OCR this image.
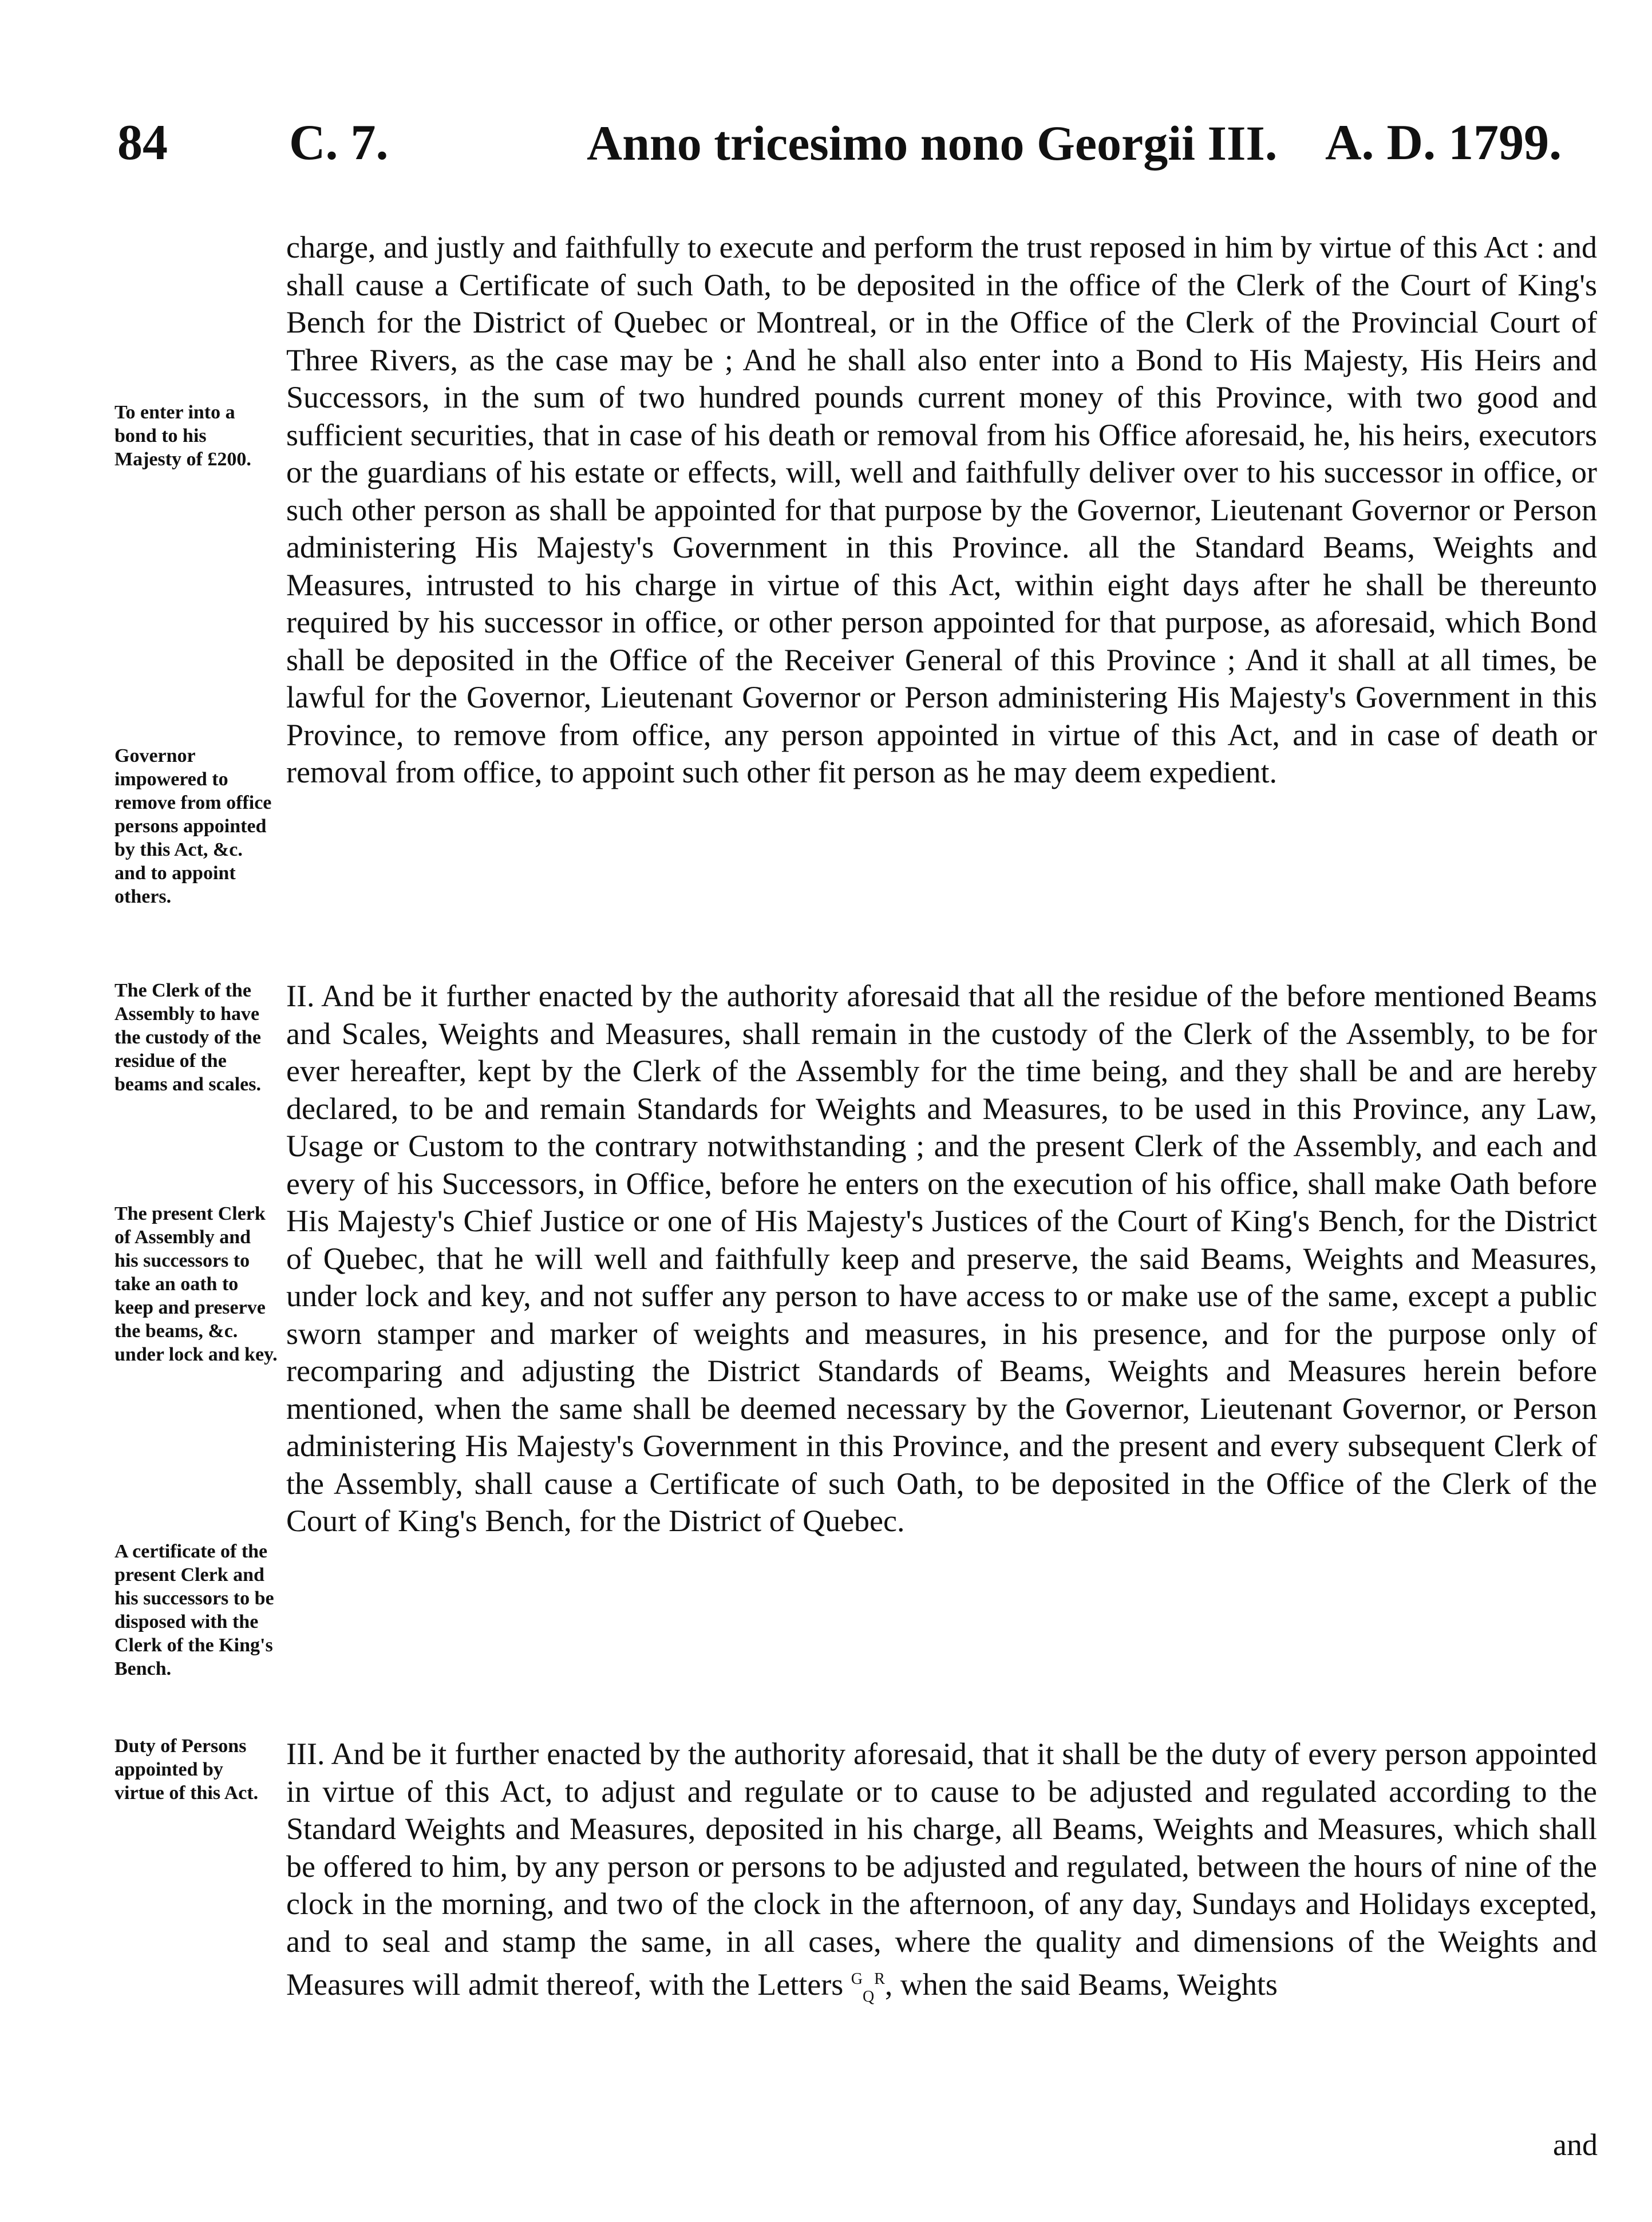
84 C. 7.	Anno tricesimo nono Georgii III. A. D. 1799.
To enter into a bond to his Majesty of £200.
Governor impowered to remove from office persons appointed by this Act, &c. and to appoint others.
The Clerk of the Assembly to have the custody of the residue of the beams and scales.
The present Clerk of Assembly and his successors to take an oath to keep and preserve the beams, &c. under lock and key.
A certificate of the present Clerk and his successors to be disposed with the Clerk of the King's Bench.
Duty of Persons appointed by virtue of this Act.
charge, and justly and faithfully to execute and perform the trust reposed in him by virtue of this Act : and shall cause a Certificate of such Oath, to be deposited in the office of the Clerk of the Court of King's Bench for the District of Quebec or Montreal, or in the Office of the Clerk of the Provincial Court of Three Rivers, as the case may be ; And he shall also enter into a Bond to His Majesty, His Heirs and Successors, in the sum of two hundred pounds current money of this Province, with two good and sufficient securities, that in case of his death or removal from his Office aforesaid, he, his heirs, executors or the guardians of his estate or effects, will, well and faithfully deliver over to his successor in office, or such other person as shall be appointed for that purpose by the Governor, Lieutenant Governor or Person administering His Majesty's Government in this Province. all the Standard Beams, Weights and Measures, intrusted to his charge in virtue of this Act, within eight days after he shall be thereunto required by his successor in office, or other person appointed for that purpose, as aforesaid, which Bond shall be deposited in the Office of the Receiver General of this Province ; And it shall at all times, be lawful for the Governor, Lieutenant Governor or Person administering His Majesty's Government in this Province, to remove from office, any person appointed in virtue of this Act, and in case of death or removal from office, to appoint such other fit person as he may deem expedient.
II. And be it further enacted by the authority aforesaid that all the residue of the before mentioned Beams and Scales, Weights and Measures, shall remain in the custody of the Clerk of the Assembly, to be for ever hereafter, kept by the Clerk of the Assembly for the time being, and they shall be and are hereby declared, to be and remain Standards for Weights and Measures, to be used in this Province, any Law, Usage or Custom to the contrary notwithstanding ; and the present Clerk of the Assembly, and each and every of his Successors, in Office, before he enters on the execution of his office, shall make Oath before His Majesty's Chief Justice or one of His Majesty's Justices of the Court of King's Bench, for the District of Quebec, that he will well and faithfully keep and preserve, the said Beams, Weights and Measures, under lock and key, and not suffer any person to have access to or make use of the same, except a public sworn stamper and marker of weights and measures, in his presence, and for the purpose only of recomparing and adjusting the District Standards of Beams, Weights and Measures herein before mentioned, when the same shall be deemed necessary by the Governor, Lieutenant Governor, or Person administering His Majesty's Government in this Province, and the present and every subsequent Clerk of the Assembly, shall cause a Certificate of such Oath, to be deposited in the Office of the Clerk of the Court of King's Bench, for the District of Quebec.
III. And be it further enacted by the authority aforesaid, that it shall be the duty of every person appointed in virtue of this Act, to adjust and regulate or to cause to be adjusted and regulated according to the Standard Weights and Measures, deposited in his charge, all Beams, Weights and Measures, which shall be offered to him, by any person or persons to be adjusted and regulated, between the hours of nine of the clock in the morning, and two of the clock in the afternoon, of any day, Sundays and Holidays excepted, and to seal and stamp the same, in all cases, where the quality and dimensions of the Weights and Measures will admit thereof, with the Letters $^G_Q^R$, when the said Beams, Weights
and
